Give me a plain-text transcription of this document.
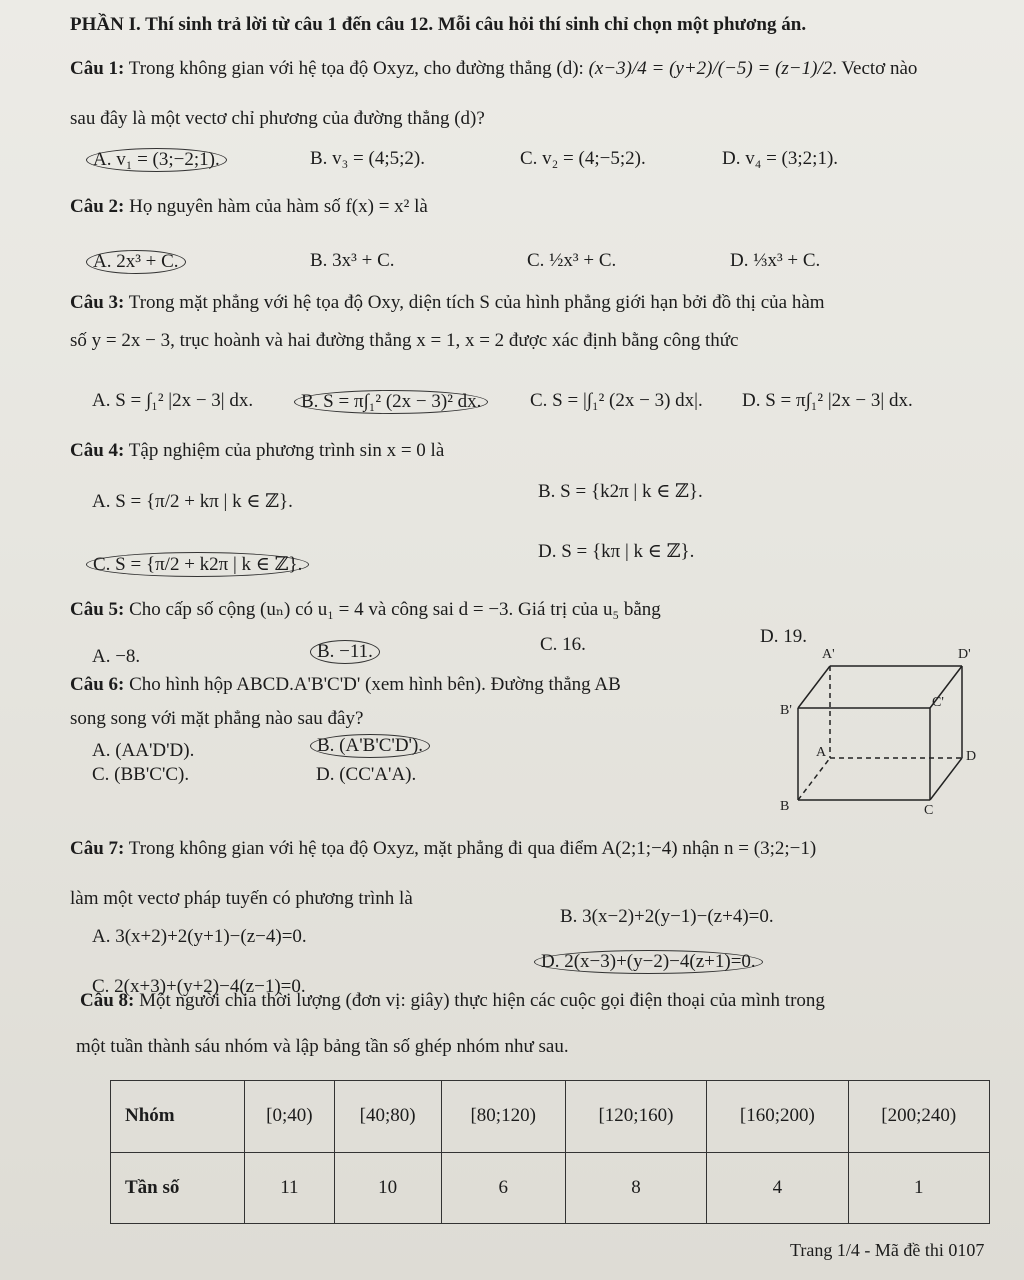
PHẦN I. Thí sinh trả lời từ câu 1 đến câu 12. Mỗi câu hỏi thí sinh chỉ chọn một phương án.
Câu 1: Trong không gian với hệ tọa độ Oxyz, cho đường thẳng (d): (x−3)/4 = (y+2)/(−5) = (z−1)/2. Vectơ nào
sau đây là một vectơ chỉ phương của đường thẳng (d)?
A. v₁ = (3;−2;1).	B. v₃ = (4;5;2).	C. v₂ = (4;−5;2).	D. v₄ = (3;2;1).
Câu 2: Họ nguyên hàm của hàm số f(x) = x² là
A. 2x³ + C.	B. 3x³ + C.	C. ½x³ + C.	D. ⅓x³ + C.
Câu 3: Trong mặt phẳng với hệ tọa độ Oxy, diện tích S của hình phẳng giới hạn bởi đồ thị của hàm
số y = 2x − 3, trục hoành và hai đường thẳng x = 1, x = 2 được xác định bằng công thức
A. S = ∫₁² |2x − 3| dx.	B. S = π∫₁² (2x − 3)² dx.	C. S = |∫₁² (2x − 3) dx|. D. S = π∫₁² |2x − 3| dx.
Câu 4: Tập nghiệm của phương trình sin x = 0 là
A. S = {π/2 + kπ | k ∈ ℤ}.	B. S = {k2π | k ∈ ℤ}.
C. S = {π/2 + k2π | k ∈ ℤ}.
D. S = {kπ | k ∈ ℤ}.
Câu 5: Cho cấp số cộng (uₙ) có u₁ = 4 và công sai d = −3. Giá trị của u₅ bằng
A. −8.	B. −11.	C. 16.	D. 19.
Câu 6: Cho hình hộp ABCD.A'B'C'D' (xem hình bên). Đường thẳng AB
song song với mặt phẳng nào sau đây?
A. (AA'D'D).	B. (A'B'C'D').
C. (BB'C'C).	D. (CC'A'A).
A'	D'
B'
C'
A	D
B	C
Câu 7: Trong không gian với hệ tọa độ Oxyz, mặt phẳng đi qua điểm A(2;1;−4) nhận n = (3;2;−1)
làm một vectơ pháp tuyến có phương trình là
A. 3(x+2)+2(y+1)−(z−4)=0.
B. 3(x−2)+2(y−1)−(z+4)=0.
C. 2(x+3)+(y+2)−4(z−1)=0.
D. 2(x−3)+(y−2)−4(z+1)=0.
Câu 8: Một người chia thời lượng (đơn vị: giây) thực hiện các cuộc gọi điện thoại của mình trong
một tuần thành sáu nhóm và lập bảng tần số ghép nhóm như sau.
Nhóm	[0;40)	[40;80)	[80;120)	[120;160)	[160;200)	[200;240)
Tần số	11	10	6	8	4	1
Trang 1/4 - Mã đề thi 0107
